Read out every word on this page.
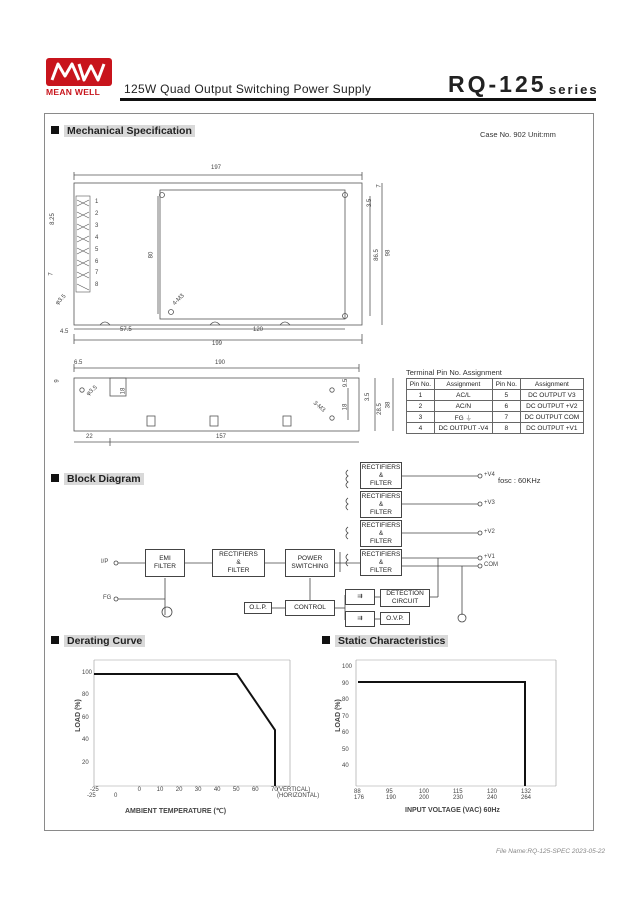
MEAN WELL	125W Quad Output Switching Power Supply	RQ-125 series
Mechanical Specification	Case No. 902 Unit:mm
197
98
86.5
3.5
7
8.25
80
7
φ3.5	4-M3
4.5	57.5	120
199
1
2
3
4
5
6
7
8
6.5	190
9
18
φ3.5
9.5
3.5
18	28.5 38
3-M3
22	157
Terminal Pin No. Assignment
Pin No.	Assignment	Pin No.	Assignment
1	AC/L	5	DC OUTPUT V3
2	AC/N	6	DC OUTPUT +V2
3	FG ⏚	7	DC OUTPUT COM
4	DC OUTPUT -V4	8	DC OUTPUT +V1
Block Diagram	fosc : 60KHz
EMI
FILTER
RECTIFIERS
&
FILTER
POWER
SWITCHING
RECTIFIERS
&
FILTER
RECTIFIERS
&
FILTER
RECTIFIERS
&
FILTER
RECTIFIERS
&
FILTER
O.L.P.	CONTROL
⇉
⇉
DETECTION
CIRCUIT
O.V.P.
I/P
FG
+V4
+V3
+V2
+V1
COM
Derating Curve	Static Characteristics
LOAD (%)
AMBIENT TEMPERATURE (℃)
100
80
60
40
20
-25	0	10 20 30 40 50 60 70 (VERTICAL)
(HORIZONTAL)
-25	0
LOAD (%)
INPUT VOLTAGE (VAC) 60Hz
100
90
80
70
60
50
40
88
176
95
190
100
200
115
230
120
240
132
264
File Name:RQ-125-SPEC 2023-05-22
